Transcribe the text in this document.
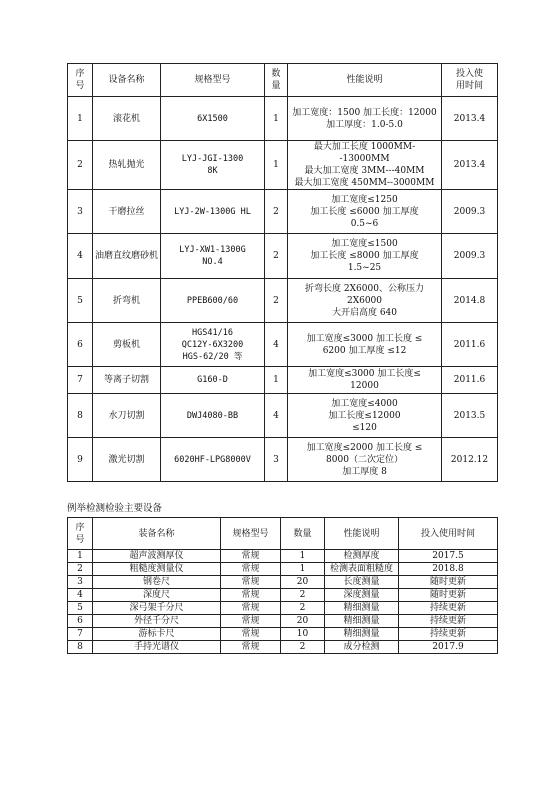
序
号	设备名称	规格型号	数
量	性能说明	投入使
用时间
1	滚花机	6X1500	1	加工宽度：1500 加工长度：12000
加工厚度：1.0-5.0	2013.4
2	热轧抛光	LYJ-JGI-1300
8K	1	最大加工长度 1000MM--13000MM
最大加工宽度 3MM---40MM
最大加工宽度 450MM--3000MM	2013.4
3	干磨拉丝	LYJ-2W-1300G HL	2	加工宽度≤1250
加工长度 ≤6000 加工厚度
0.5~6	2009.3
4	油磨直纹磨砂机	LYJ-XW1-1300G
NO.4	2	加工宽度≤1500
加工长度 ≤8000 加工厚度
1.5~25	2009.3
5	折弯机	PPEB600/60	2	折弯长度 2X6000、公称压力
2X6000
大开启高度 640	2014.8
6	剪板机	HGS41/16
QC12Y-6X3200
HGS-62/20 等	4	加工宽度≤3000 加工长度 ≤
6200 加工厚度 ≤12	2011.6
7	等离子切割	G160-D	1	加工宽度≤3000 加工长度≤
12000	2011.6
8	水刀切割	DWJ4080-BB	4	加工宽度≤4000
加工长度≤12000
≤120	2013.5
9	激光切割	6020HF-LPG8000V	3	加工宽度≤2000 加工长度 ≤
8000（二次定位）
加工厚度 8	2012.12
例举检测检验主要设备
序
号	装备名称	规格型号	数量	性能说明	投入使用时间
1	超声波测厚仪	常规	1	检测厚度	2017.5
2	粗糙度测量仪	常规	1	检测表面粗糙度	2018.8
3	钢卷尺	常规	20	长度测量	随时更新
4	深度尺	常规	2	深度测量	随时更新
5	深弓架千分尺	常规	2	精细测量	持续更新
6	外径千分尺	常规	20	精细测量	持续更新
7	游标卡尺	常规	10	精细测量	持续更新
8	手持光谱仪	常规	2	成分检测	2017.9
